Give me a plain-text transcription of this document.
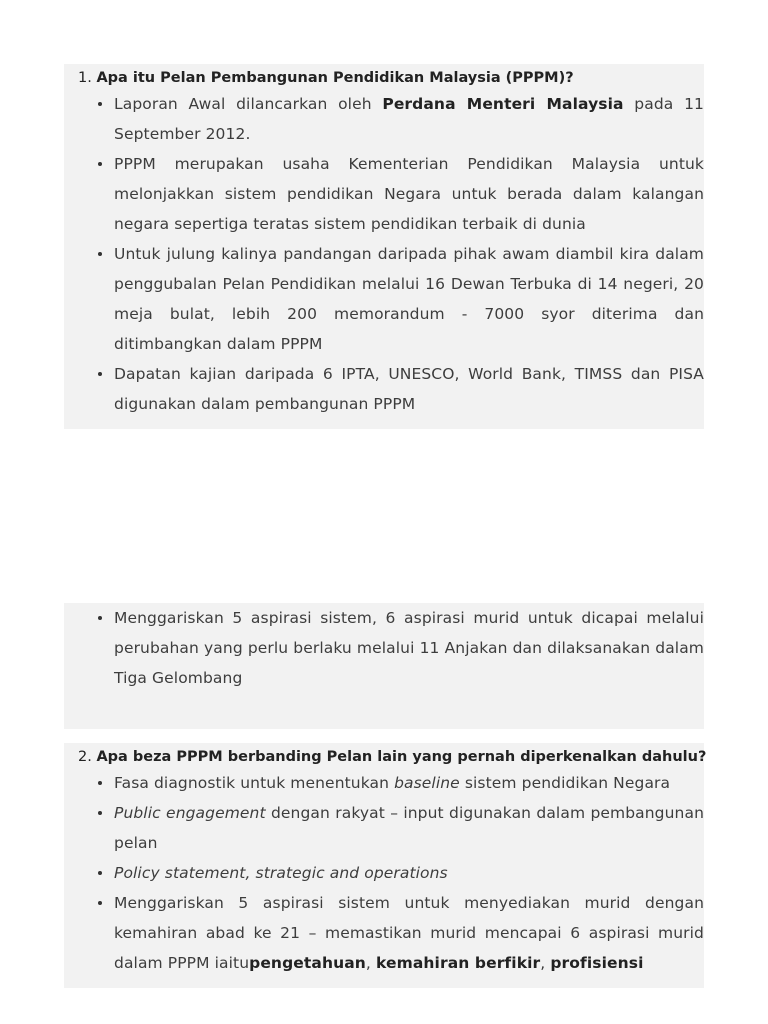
1. Apa itu Pelan Pembangunan Pendidikan Malaysia (PPPM)?
Laporan Awal dilancarkan oleh Perdana Menteri Malaysia pada 11 September 2012.
PPPM merupakan usaha Kementerian Pendidikan Malaysia untuk melonjakkan sistem pendidikan Negara untuk berada dalam kalangan negara sepertiga teratas sistem pendidikan terbaik di dunia
Untuk julung kalinya pandangan daripada pihak awam diambil kira dalam penggubalan Pelan Pendidikan melalui 16 Dewan Terbuka di 14 negeri, 20 meja bulat, lebih 200 memorandum - 7000 syor diterima dan ditimbangkan dalam PPPM
Dapatan kajian daripada 6 IPTA, UNESCO, World Bank, TIMSS dan PISA digunakan dalam pembangunan PPPM
Menggariskan 5 aspirasi sistem, 6 aspirasi murid untuk dicapai melalui perubahan yang perlu berlaku melalui 11 Anjakan dan dilaksanakan dalam Tiga Gelombang
2. Apa beza PPPM berbanding Pelan lain yang pernah diperkenalkan dahulu?
Fasa diagnostik untuk menentukan baseline sistem pendidikan Negara
Public engagement dengan rakyat – input digunakan dalam pembangunan pelan
Policy statement, strategic and operations
Menggariskan 5 aspirasi sistem untuk menyediakan murid dengan kemahiran abad ke 21 – memastikan murid mencapai 6 aspirasi murid dalam PPPM iaitupengetahuan, kemahiran berfikir, profisiensi
